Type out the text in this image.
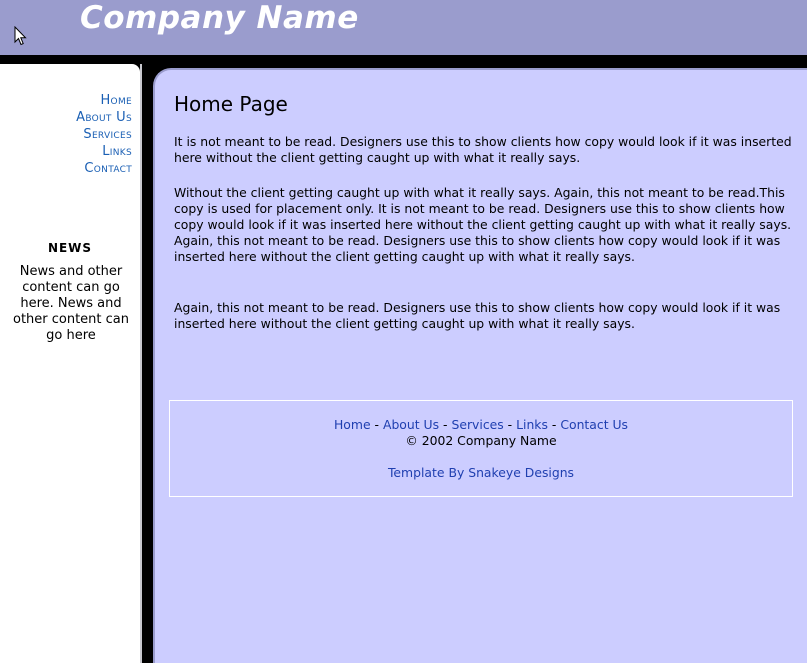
Company Name
Home
About Us
Services
Links
Contact
NEWS
News and other content can go here. News and other content can go here
Home Page

It is not meant to be read. Designers use this to show clients how copy would look if it was inserted here without the client getting caught up with what it really says.

Without the client getting caught up with what it really says. Again, this not meant to be read.This copy is used for placement only. It is not meant to be read. Designers use this to show clients how copy would look if it was inserted here without the client getting caught up with what it really says. Again, this not meant to be read. Designers use this to show clients how copy would look if it was inserted here without the client getting caught up with what it really says.

Again, this not meant to be read. Designers use this to show clients how copy would look if it was inserted here without the client getting caught up with what it really says.

Home - About Us - Services - Links - Contact Us
© 2002 Company Name
Template By Snakeye Designs
